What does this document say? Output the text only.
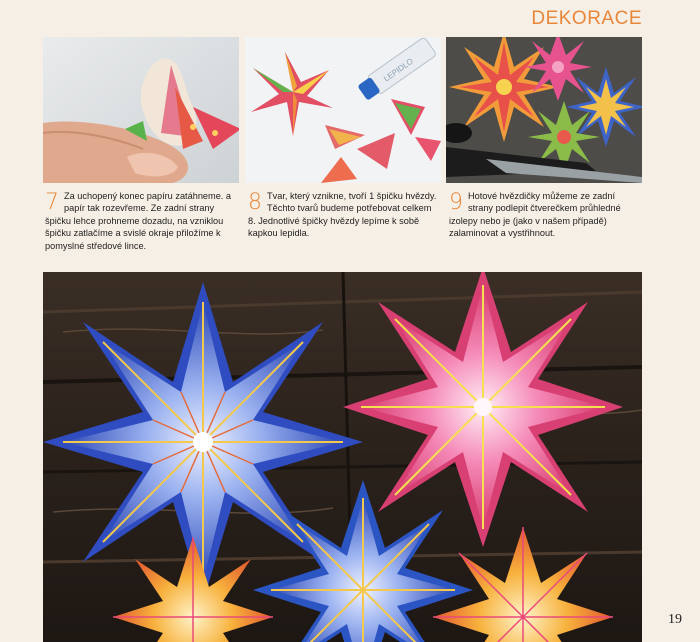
DEKORACE
LEPIDLO
7 Za uchopený konec papíru zatáhneme. a papír tak rozevřeme. Ze zadní strany špičku lehce prohneme dozadu, na vzniklou špičku zatlačíme a svislé okraje přiložíme k pomyslné středové lince.
8 Tvar, který vznikne, tvoří 1 špičku hvězdy. Těchto tvarů budeme potřebovat celkem 8. Jednotlivé špičky hvězdy lepíme k sobě kapkou lepidla.
9 Hotové hvězdičky můžeme ze zadní strany podlepit čtverečkem průhledné izolepy nebo je (jako v našem případě) zalaminovat a vystřihnout.
19
